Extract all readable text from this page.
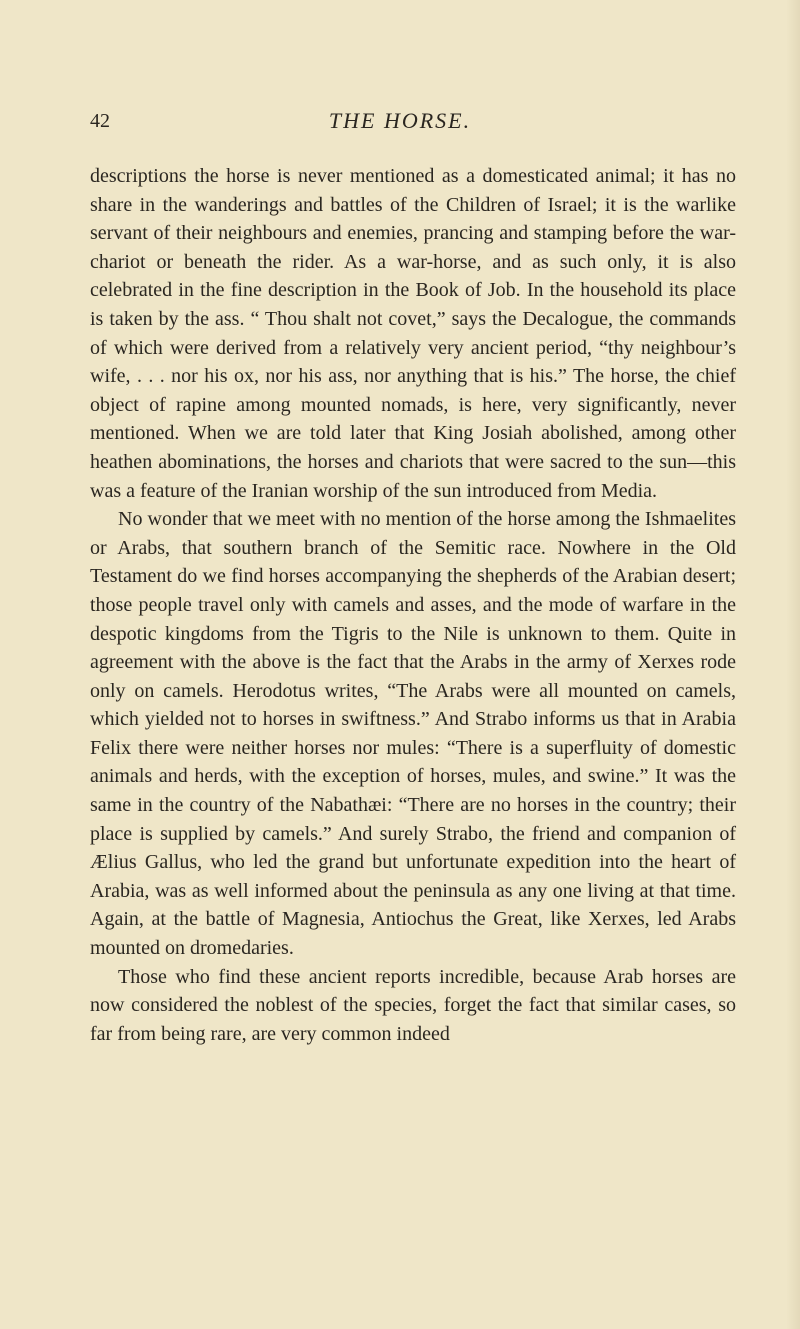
42	THE HORSE.

descriptions the horse is never mentioned as a domesticated animal; it has no share in the wanderings and battles of the Children of Israel; it is the warlike servant of their neighbours and enemies, prancing and stamping before the war-chariot or beneath the rider. As a war-horse, and as such only, it is also celebrated in the fine description in the Book of Job. In the household its place is taken by the ass. “ Thou shalt not covet,” says the Decalogue, the commands of which were derived from a relatively very ancient period, “thy neighbour’s wife, . . . nor his ox, nor his ass, nor anything that is his.” The horse, the chief object of rapine among mounted nomads, is here, very significantly, never mentioned. When we are told later that King Josiah abolished, among other heathen abominations, the horses and chariots that were sacred to the sun—this was a feature of the Iranian worship of the sun introduced from Media.

No wonder that we meet with no mention of the horse among the Ishmaelites or Arabs, that southern branch of the Semitic race. Nowhere in the Old Testament do we find horses accompanying the shepherds of the Arabian desert; those people travel only with camels and asses, and the mode of warfare in the despotic kingdoms from the Tigris to the Nile is unknown to them. Quite in agreement with the above is the fact that the Arabs in the army of Xerxes rode only on camels. Herodotus writes, “The Arabs were all mounted on camels, which yielded not to horses in swiftness.” And Strabo informs us that in Arabia Felix there were neither horses nor mules: “There is a superfluity of domestic animals and herds, with the exception of horses, mules, and swine.” It was the same in the country of the Nabathæi: “There are no horses in the country; their place is supplied by camels.” And surely Strabo, the friend and companion of Ælius Gallus, who led the grand but unfortunate expedition into the heart of Arabia, was as well informed about the peninsula as any one living at that time. Again, at the battle of Magnesia, Antiochus the Great, like Xerxes, led Arabs mounted on dromedaries.

Those who find these ancient reports incredible, because Arab horses are now considered the noblest of the species, forget the fact that similar cases, so far from being rare, are very common indeed
